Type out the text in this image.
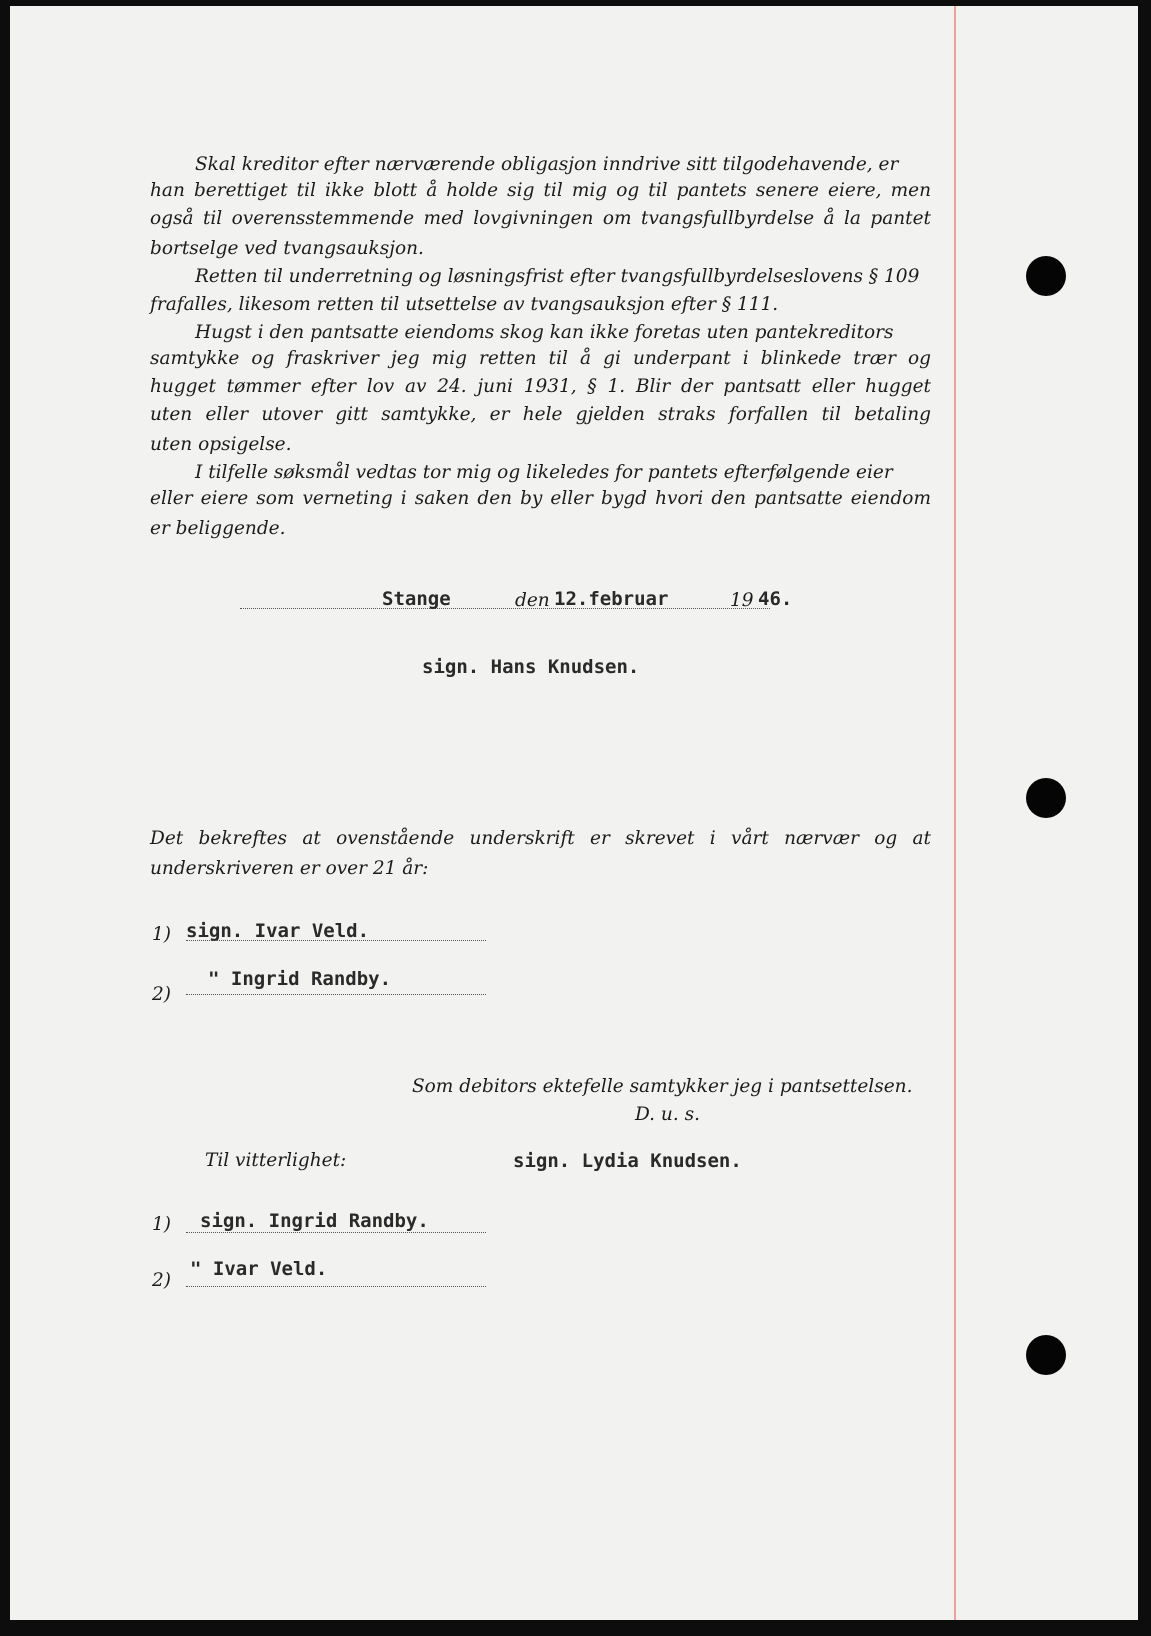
Skal kreditor efter nærværende obligasjon inndrive sitt tilgodehavende, er
han berettiget til ikke blott å holde sig til mig og til pantets senere eiere, men
også til overensstemmende med lovgivningen om tvangsfullbyrdelse å la pantet
bortselge ved tvangsauksjon.
Retten til underretning og løsningsfrist efter tvangsfullbyrdelseslovens § 109
frafalles, likesom retten til utsettelse av tvangsauksjon efter § 111.
Hugst i den pantsatte eiendoms skog kan ikke foretas uten pantekreditors
samtykke og fraskriver jeg mig retten til å gi underpant i blinkede trær og
hugget tømmer efter lov av 24. juni 1931, § 1. Blir der pantsatt eller hugget
uten eller utover gitt samtykke, er hele gjelden straks forfallen til betaling
uten opsigelse.
I tilfelle søksmål vedtas tor mig og likeledes for pantets efterfølgende eier
eller eiere som verneting i saken den by eller bygd hvori den pantsatte eiendom
er beliggende.
Stange	den 12.februar	19 46.
sign. Hans Knudsen.
Det bekreftes at ovenstående underskrift er skrevet i vårt nærvær og at
underskriveren er over 21 år:
1) sign. Ivar Veld.
2)
" Ingrid Randby.
Som debitors ektefelle samtykker jeg i pantsettelsen.
D. u. s.
Til vitterlighet:	sign. Lydia Knudsen.
1) sign. Ingrid Randby.
2)
" Ivar Veld.
